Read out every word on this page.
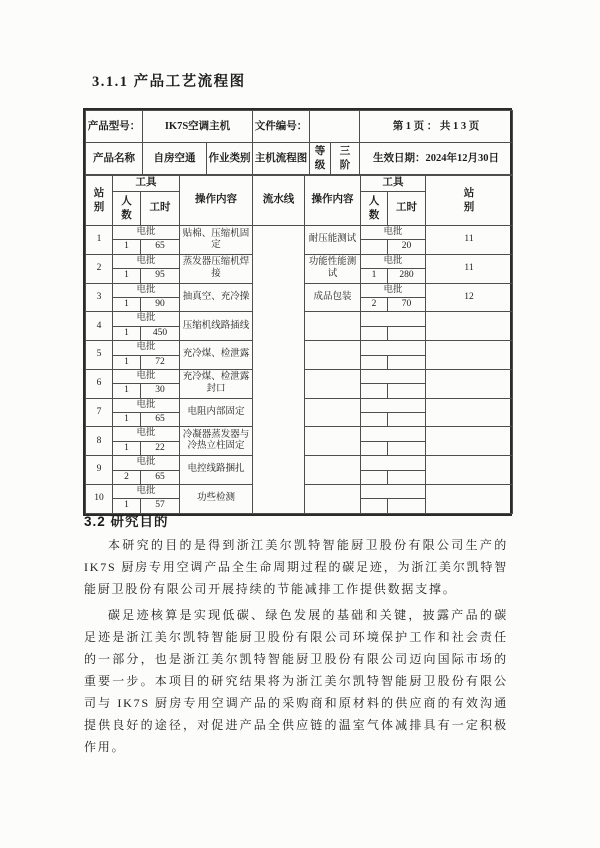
3.1.1 产品工艺流程图
产品型号：	IK7S空调主机		文件编号：			第 1 页 ： 共 1 3 页
产品名称	自房空通	作业类别	主机流程图	等级	三阶	生效日期：2024年12月30日
站别	工具		操作内容	流水线	操作内容	工具		站别
	人数	工时				人数	工时	
1	电批		贴棉、压缩机固定		耐压能测试	电批		11
	1	65					20	
2	电批		蒸发器压缩机焊接		功能性能测试	电批		11
	1	95				1	280	
3	电批		抽真空、充冷操		成品包装	电批		12
	1	90				2	70	
4	电批		压缩机线路插线					
	1	450						
5	电批		充冷煤、检泄露					
	1	72						
6	电批		充冷煤、检泄露封口					
	1	30						
7	电批		电阻内部固定					
	1	65						
8	电批		冷凝器蒸发器与冷热立柱固定					
	1	22						
9	电批		电控线路捆扎					
	2	65						
10	电批		功些检测					
	1	57						
3.2 研究目的

本研究的目的是得到浙江美尔凯特智能厨卫股份有限公司生产的 IK7S 厨房专用空调产品全生命周期过程的碳足迹，为浙江美尔凯特智能厨卫股份有限公司开展持续的节能减排工作提供数据支撑。

碳足迹核算是实现低碳、绿色发展的基础和关键，披露产品的碳足迹是浙江美尔凯特智能厨卫股份有限公司环境保护工作和社会责任的一部分，也是浙江美尔凯特智能厨卫股份有限公司迈向国际市场的重要一步。本项目的研究结果将为浙江美尔凯特智能厨卫股份有限公司与 IK7S 厨房专用空调产品的采购商和原材料的供应商的有效沟通提供良好的途径，对促进产品全供应链的温室气体减排具有一定积极作用。
